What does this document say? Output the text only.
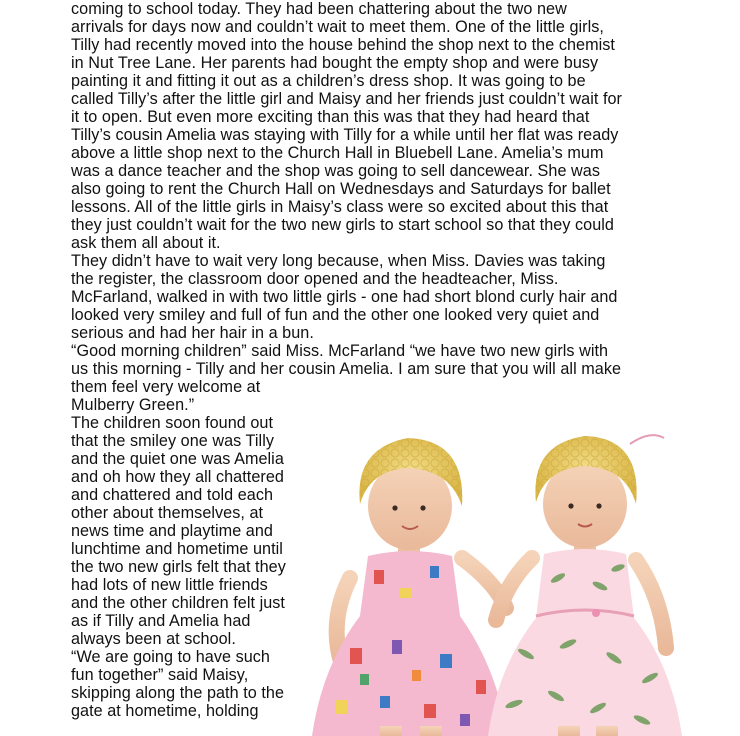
coming to school today. They had been chattering about the two new
arrivals for days now and couldn’t wait to meet them. One of the little girls,
Tilly had recently moved into the house behind the shop next to the chemist
in Nut Tree Lane. Her parents had bought the empty shop and were busy
painting it and fitting it out as a children’s dress shop. It was going to be
called Tilly’s after the little girl and Maisy and her friends just couldn’t wait for
it to open. But even more exciting than this was that they had heard that
Tilly’s cousin Amelia was staying with Tilly for a while until her flat was ready
above a little shop next to the Church Hall in Bluebell Lane. Amelia’s mum
was a dance teacher and the shop was going to sell dancewear. She was
also going to rent the Church Hall on Wednesdays and Saturdays for ballet
lessons. All of the little girls in Maisy’s class were so excited about this that
they just couldn’t wait for the two new girls to start school so that they could
ask them all about it.
They didn’t have to wait very long because, when Miss. Davies was taking
the register, the classroom door opened and the headteacher, Miss.
McFarland, walked in with two little girls - one had short blond curly hair and
looked very smiley and full of fun and the other one looked very quiet and
serious and had her hair in a bun.
“Good morning children” said Miss. McFarland “we have two new girls with
us this morning - Tilly and her cousin Amelia. I am sure that you will all make
them feel very welcome at
Mulberry Green.”
The children soon found out
that the smiley one was Tilly
and the quiet one was Amelia
and oh how they all chattered
and chattered and told each
other about themselves, at
news time and playtime and
lunchtime and hometime until
the two new girls felt that they
had lots of new little friends
and the other children felt just
as if Tilly and Amelia had
always been at school.
“We are going to have such
fun together” said Maisy,
skipping along the path to the
gate at hometime, holding
